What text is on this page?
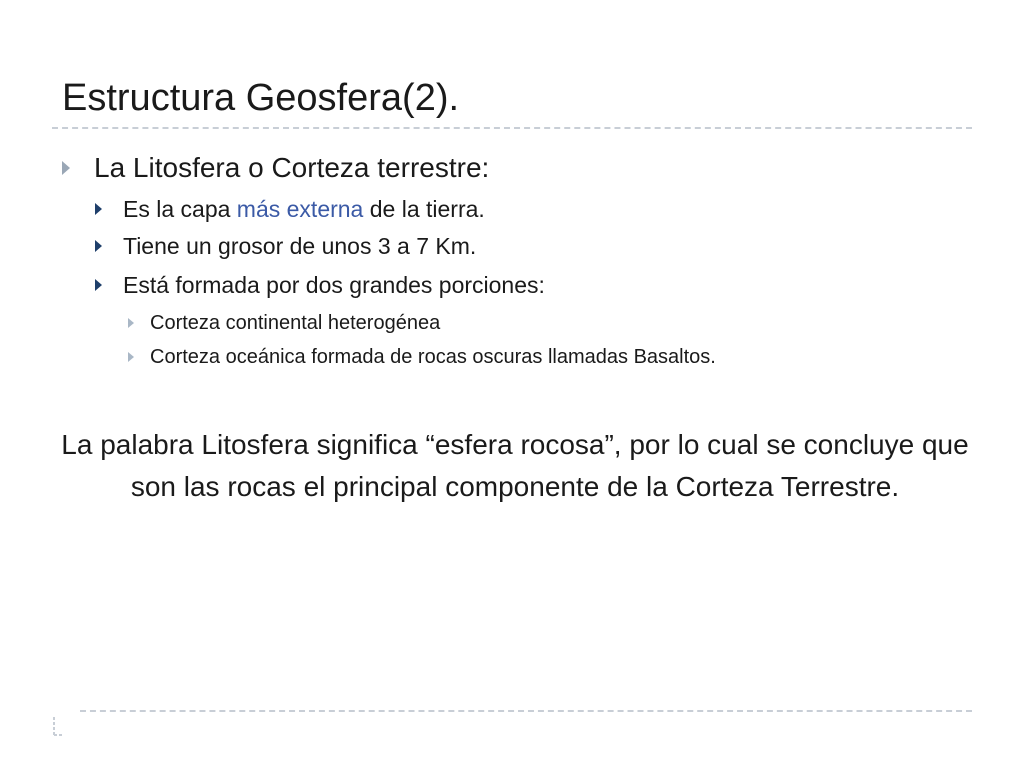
Estructura Geosfera(2).
La Litosfera o Corteza terrestre:
Es la capa más externa de la tierra.
Tiene un grosor de unos 3 a 7 Km.
Está formada por dos grandes porciones:
Corteza continental heterogénea
Corteza oceánica formada de rocas oscuras llamadas Basaltos.
La palabra Litosfera significa “esfera rocosa”, por lo cual se concluye que son las rocas el principal componente de la Corteza Terrestre.
